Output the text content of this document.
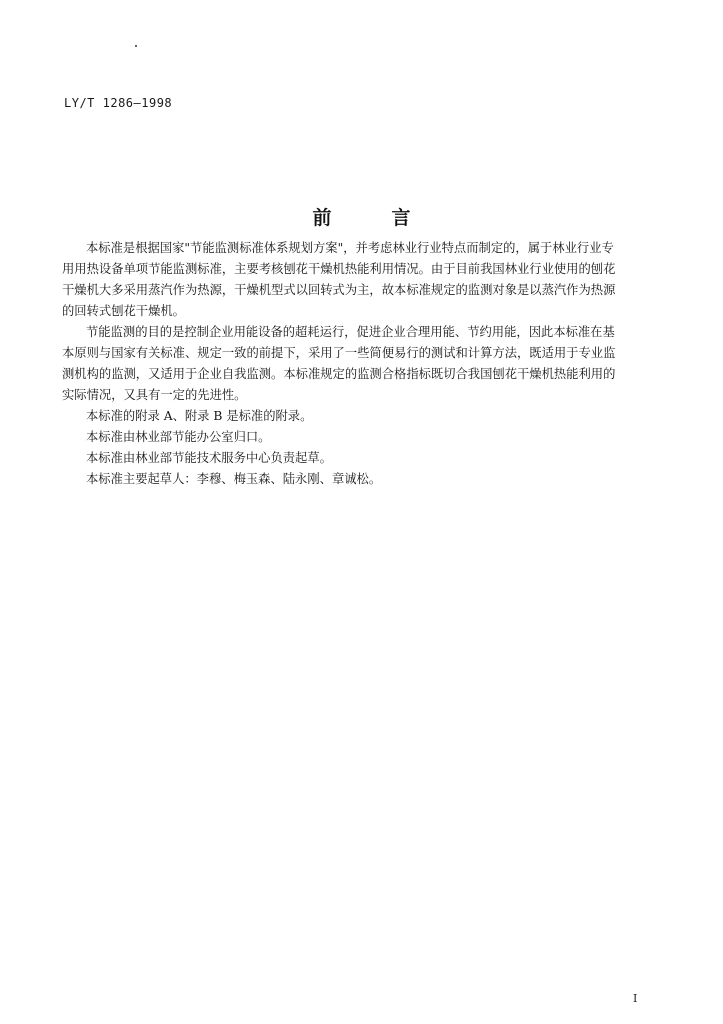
LY/T 1286—1998
前	言
本标准是根据国家"节能监测标准体系规划方案"，并考虑林业行业特点而制定的，属于林业行业专
用用热设备单项节能监测标准，主要考核刨花干燥机热能利用情况。由于目前我国林业行业使用的刨花
干燥机大多采用蒸汽作为热源，干燥机型式以回转式为主，故本标准规定的监测对象是以蒸汽作为热源
的回转式刨花干燥机。
节能监测的目的是控制企业用能设备的超耗运行，促进企业合理用能、节约用能，因此本标准在基
本原则与国家有关标准、规定一致的前提下，采用了一些简便易行的测试和计算方法，既适用于专业监
测机构的监测，又适用于企业自我监测。本标准规定的监测合格指标既切合我国刨花干燥机热能利用的
实际情况，又具有一定的先进性。
本标准的附录 A、附录 B 是标准的附录。
本标准由林业部节能办公室归口。
本标准由林业部节能技术服务中心负责起草。
本标准主要起草人：李穆、梅玉森、陆永刚、章诚松。
I
